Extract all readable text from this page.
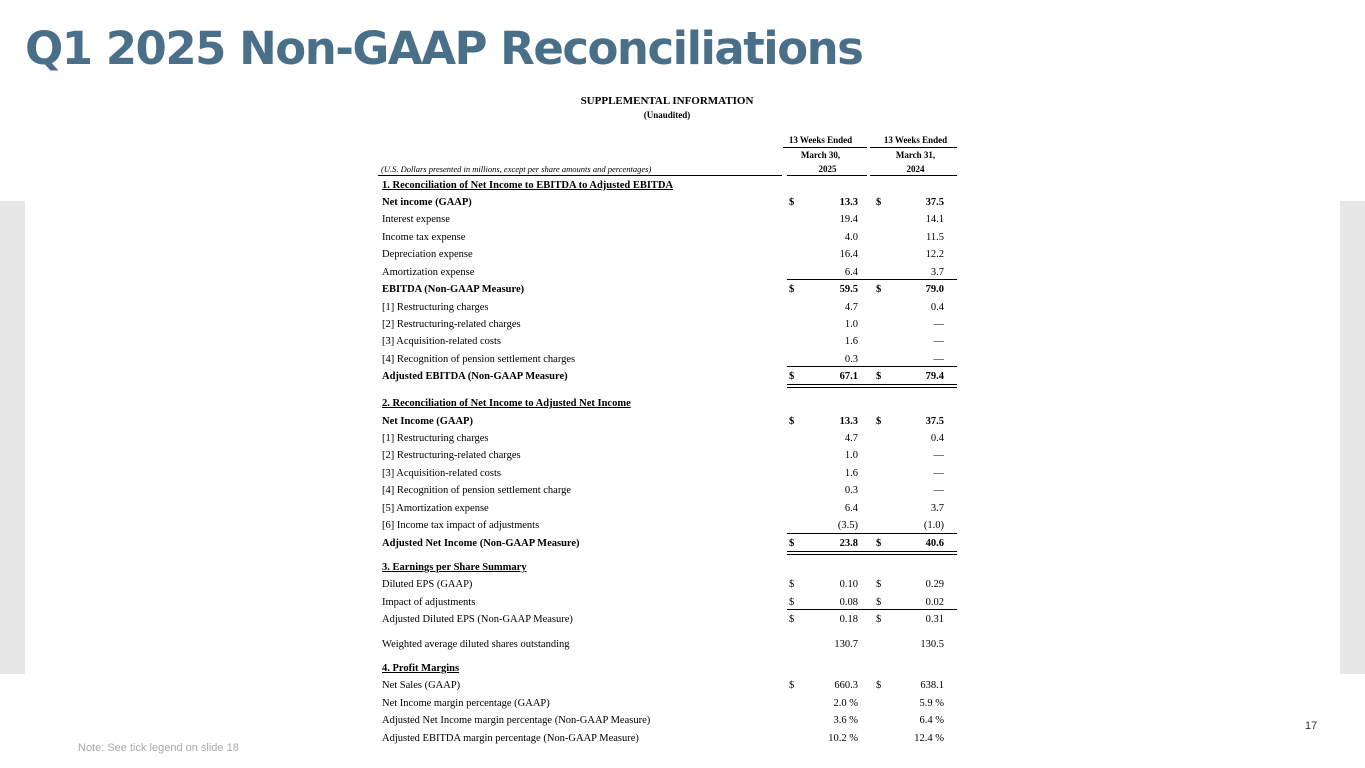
Q1 2025 Non-GAAP Reconciliations
SUPPLEMENTAL INFORMATION
(Unaudited)
13 Weeks Ended	13 Weeks Ended
March 30,	March 31,
(U.S. Dollars presented in millions, except per share amounts and percentages)	2025	2024
1. Reconciliation of Net Income to EBITDA to Adjusted EBITDA
Net income (GAAP)	$	13.3 $	37.5
Interest expense	19.4	14.1
Income tax expense	4.0	11.5
Depreciation expense	16.4	12.2
Amortization expense	6.4	3.7
EBITDA (Non-GAAP Measure)	$	59.5 $	79.0
[1] Restructuring charges	4.7	0.4
[2] Restructuring-related charges	1.0	—
[3] Acquisition-related costs	1.6	—
[4] Recognition of pension settlement charges	0.3	—
Adjusted EBITDA (Non-GAAP Measure)	$	67.1 $	79.4
2. Reconciliation of Net Income to Adjusted Net Income
Net Income (GAAP)	$	13.3 $	37.5
[1] Restructuring charges	4.7	0.4
[2] Restructuring-related charges	1.0	—
[3] Acquisition-related costs	1.6	—
[4] Recognition of pension settlement charge	0.3	—
[5] Amortization expense	6.4	3.7
[6] Income tax impact of adjustments	(3.5)	(1.0)
Adjusted Net Income (Non-GAAP Measure)	$	23.8 $	40.6
3. Earnings per Share Summary
Diluted EPS (GAAP)	$	0.10 $	0.29
Impact of adjustments	$	0.08 $	0.02
Adjusted Diluted EPS (Non-GAAP Measure)	$	0.18 $	0.31
Weighted average diluted shares outstanding	130.7	130.5
4. Profit Margins
Net Sales (GAAP)	$	660.3 $	638.1
Net Income margin percentage (GAAP)	2.0 %	5.9 %
Adjusted Net Income margin percentage (Non-GAAP Measure)	3.6 %	6.4 %
Adjusted EBITDA margin percentage (Non-GAAP Measure)	10.2 %	12.4 %
17
Note: See tick legend on slide 18
